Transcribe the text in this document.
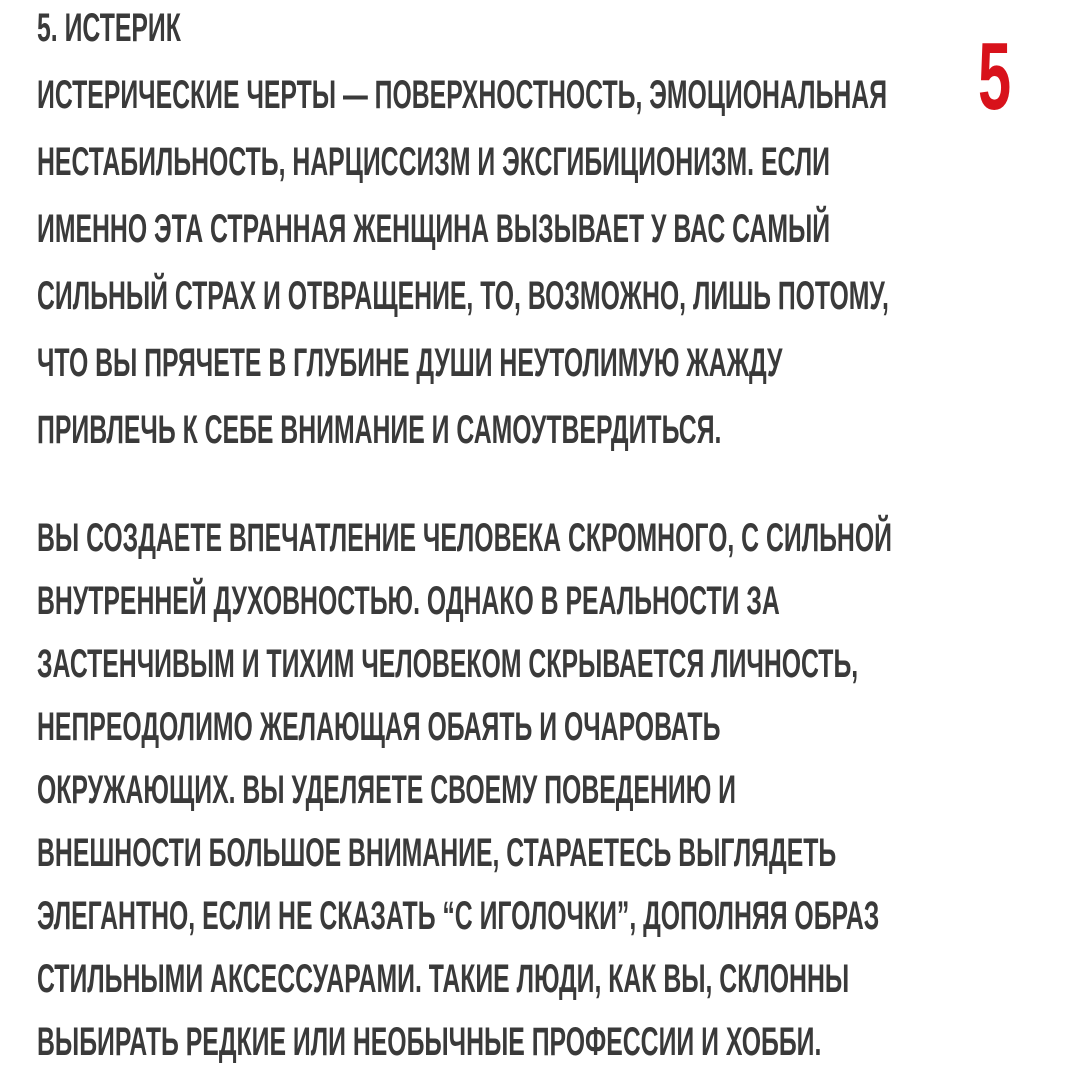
5
5. ИСТЕРИК
ИСТЕРИЧЕСКИЕ ЧЕРТЫ — ПОВЕРХНОСТНОСТЬ, ЭМОЦИОНАЛЬНАЯ
НЕСТАБИЛЬНОСТЬ, НАРЦИССИЗМ И ЭКСГИБИЦИОНИЗМ. ЕСЛИ
ИМЕННО ЭТА СТРАННАЯ ЖЕНЩИНА ВЫЗЫВАЕТ У ВАС САМЫЙ
СИЛЬНЫЙ СТРАХ И ОТВРАЩЕНИЕ, ТО, ВОЗМОЖНО, ЛИШЬ ПОТОМУ,
ЧТО ВЫ ПРЯЧЕТЕ В ГЛУБИНЕ ДУШИ НЕУТОЛИМУЮ ЖАЖДУ
ПРИВЛЕЧЬ К СЕБЕ ВНИМАНИЕ И САМОУТВЕРДИТЬСЯ.
ВЫ СОЗДАЕТЕ ВПЕЧАТЛЕНИЕ ЧЕЛОВЕКА СКРОМНОГО, С СИЛЬНОЙ
ВНУТРЕННЕЙ ДУХОВНОСТЬЮ. ОДНАКО В РЕАЛЬНОСТИ ЗА
ЗАСТЕНЧИВЫМ И ТИХИМ ЧЕЛОВЕКОМ СКРЫВАЕТСЯ ЛИЧНОСТЬ,
НЕПРЕОДОЛИМО ЖЕЛАЮЩАЯ ОБАЯТЬ И ОЧАРОВАТЬ
ОКРУЖАЮЩИХ. ВЫ УДЕЛЯЕТЕ СВОЕМУ ПОВЕДЕНИЮ И
ВНЕШНОСТИ БОЛЬШОЕ ВНИМАНИЕ, СТАРАЕТЕСЬ ВЫГЛЯДЕТЬ
ЭЛЕГАНТНО, ЕСЛИ НЕ СКАЗАТЬ “С ИГОЛОЧКИ”, ДОПОЛНЯЯ ОБРАЗ
СТИЛЬНЫМИ АКСЕССУАРАМИ. ТАКИЕ ЛЮДИ, КАК ВЫ, СКЛОННЫ
ВЫБИРАТЬ РЕДКИЕ ИЛИ НЕОБЫЧНЫЕ ПРОФЕССИИ И ХОББИ.
